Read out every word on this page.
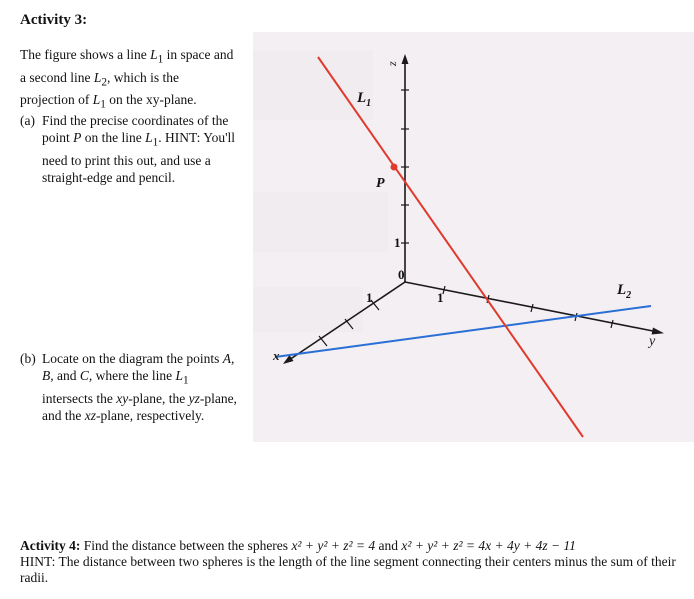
Activity 3:
The figure shows a line $L_1$ in space and a second line $L_2$, which is the projection of $L_1$ on the xy-plane.
(a) Find the precise coordinates of the point P on the line $L_1$. HINT: You'll need to print this out, and use a straight-edge and pencil.
(b) Locate on the diagram the points A, B, and C, where the line $L_1$ intersects the xy-plane, the yz-plane, and the xz-plane, respectively.
z
y
x
$L_1$
$L_2$
P
1
1
1
0
Activity 4: Find the distance between the spheres x² + y² + z² = 4 and x² + y² + z² = 4x + 4y + 4z − 11
HINT: The distance between two spheres is the length of the line segment connecting their centers minus the sum of their radii.
